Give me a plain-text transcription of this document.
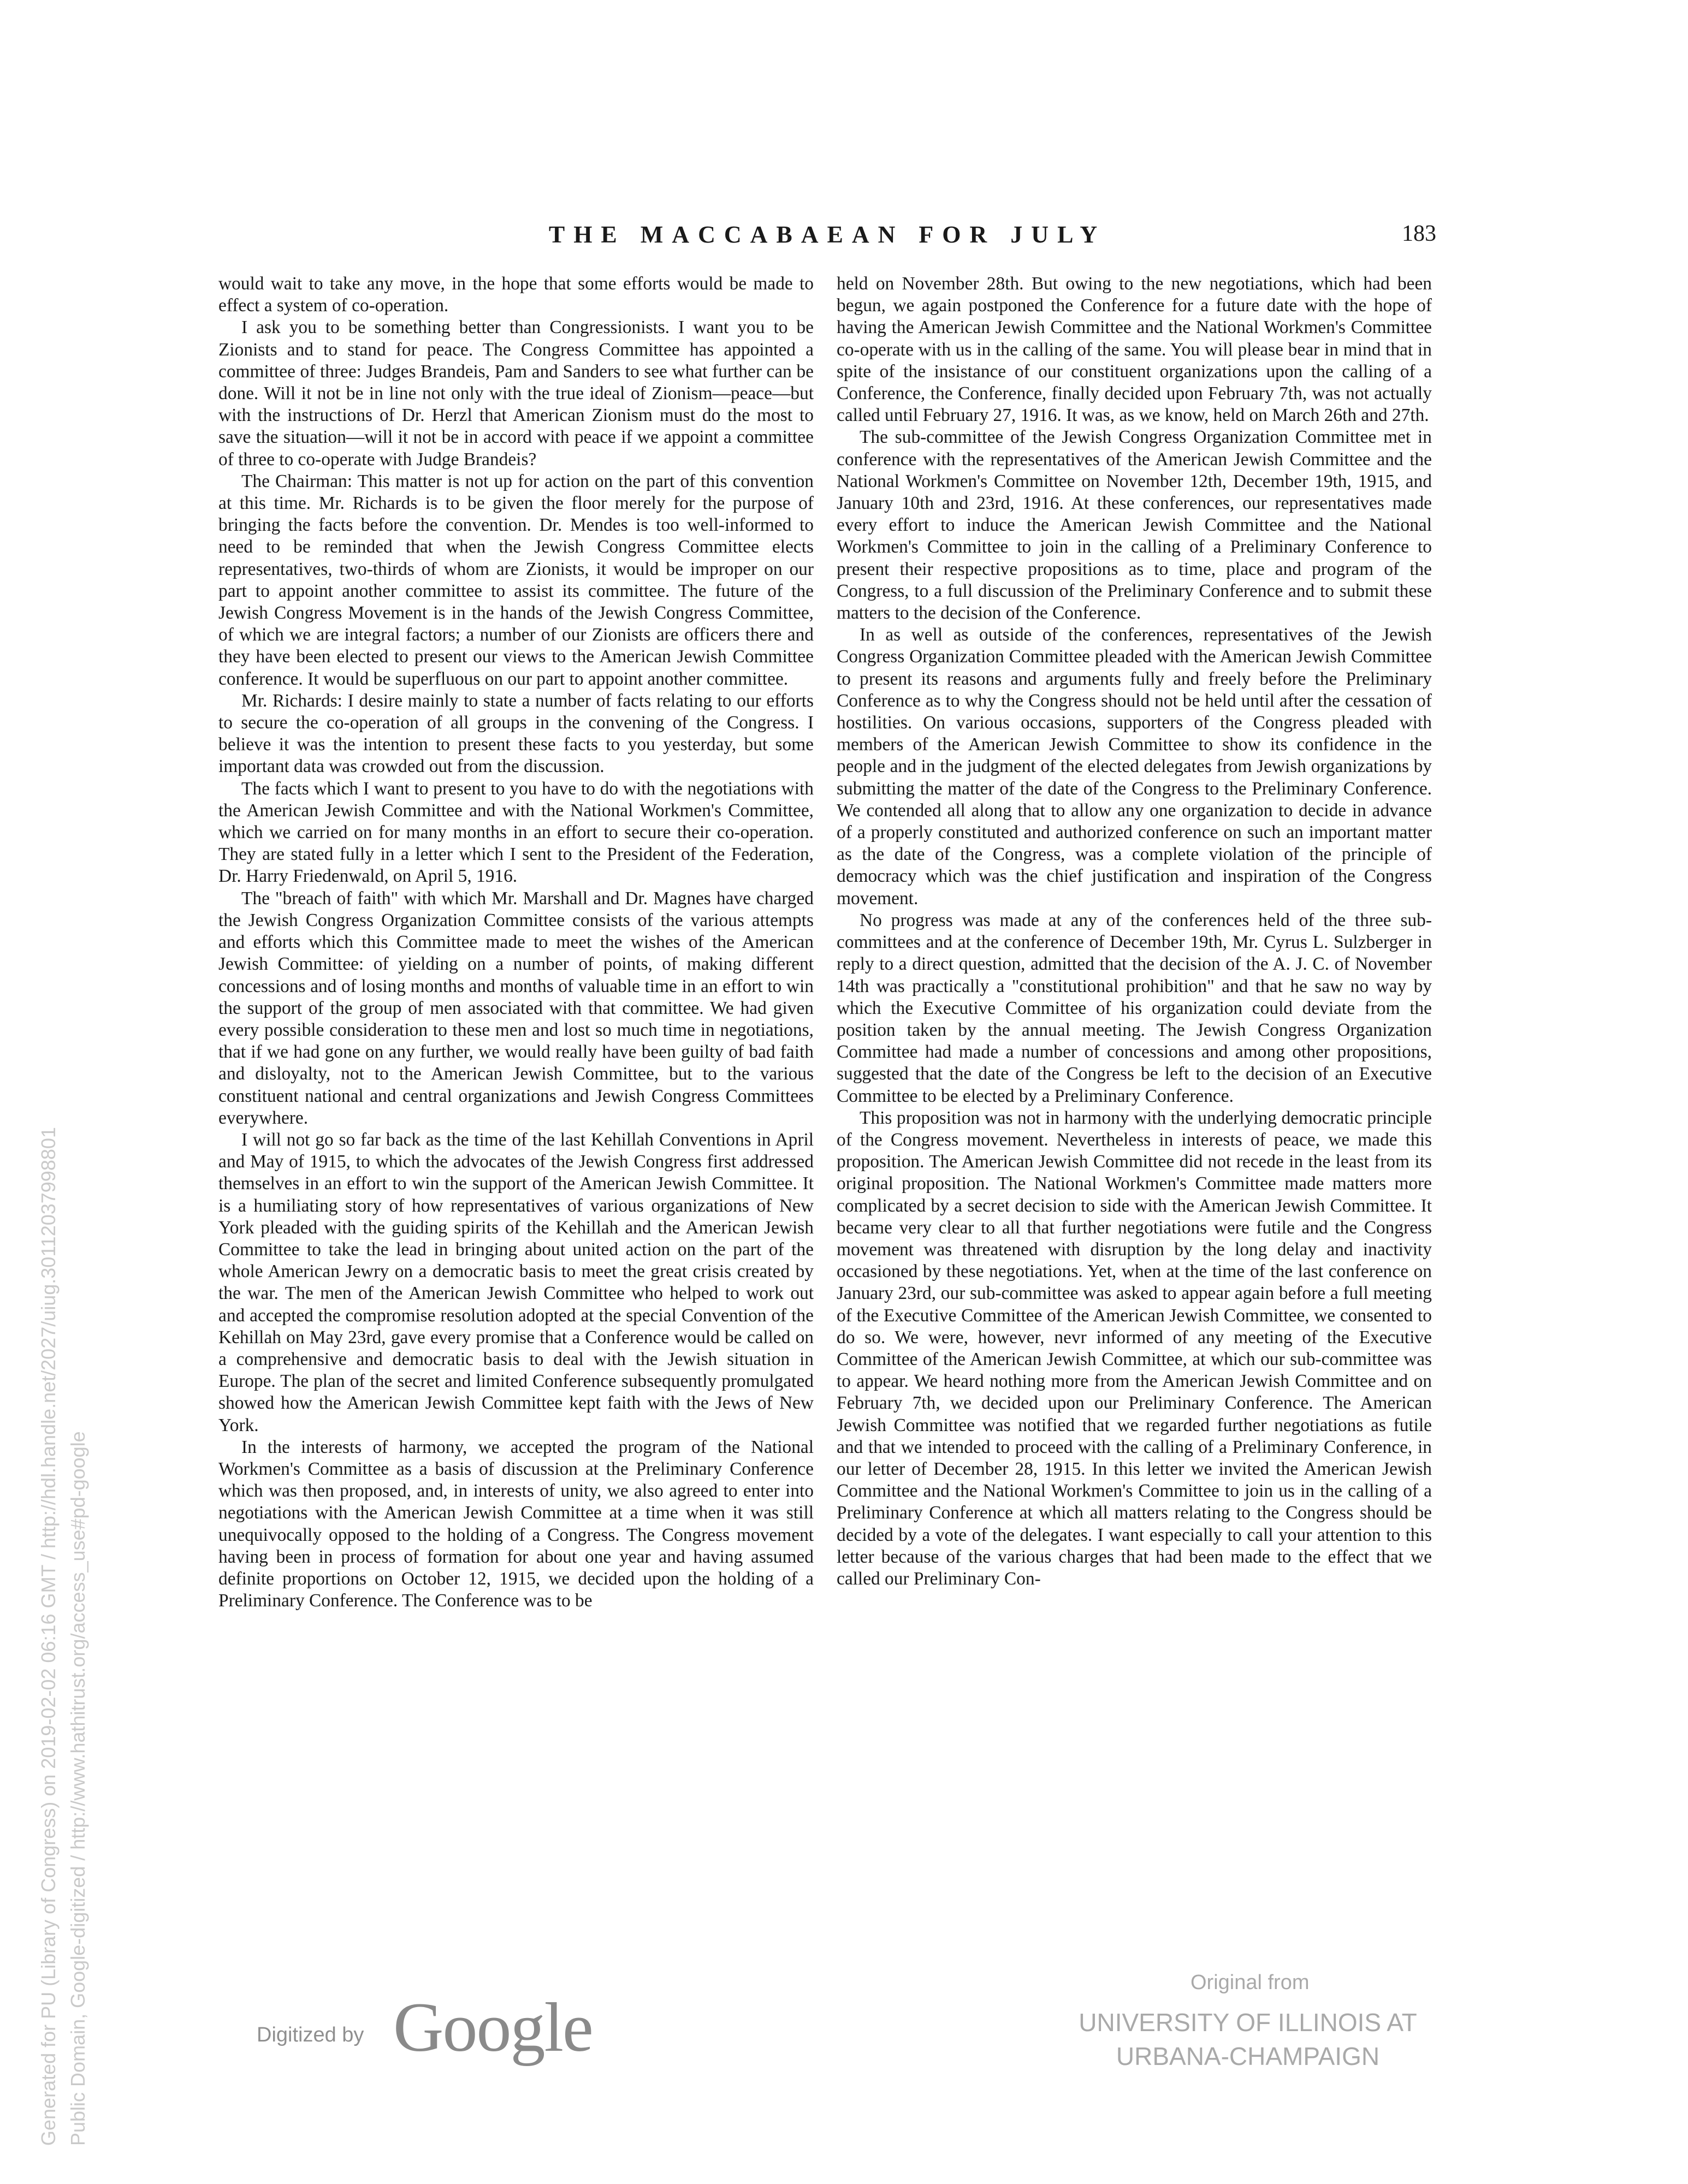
THE MACCABAEAN FOR JULY	183

would wait to take any move, in the hope that some efforts would be made to effect a system of co-operation.

I ask you to be something better than Congressionists. I want you to be Zionists and to stand for peace. The Congress Committee has appointed a committee of three: Judges Brandeis, Pam and Sanders to see what further can be done. Will it not be in line not only with the true ideal of Zionism—peace—but with the instructions of Dr. Herzl that American Zionism must do the most to save the situation—will it not be in accord with peace if we appoint a committee of three to co-operate with Judge Brandeis?

The Chairman: This matter is not up for action on the part of this convention at this time. Mr. Richards is to be given the floor merely for the purpose of bringing the facts before the convention. Dr. Mendes is too well-informed to need to be reminded that when the Jewish Congress Committee elects representatives, two-thirds of whom are Zionists, it would be improper on our part to appoint another committee to assist its committee. The future of the Jewish Congress Movement is in the hands of the Jewish Congress Committee, of which we are integral factors; a number of our Zionists are officers there and they have been elected to present our views to the American Jewish Committee conference. It would be superfluous on our part to appoint another committee.

Mr. Richards: I desire mainly to state a number of facts relating to our efforts to secure the co-operation of all groups in the convening of the Congress. I believe it was the intention to present these facts to you yesterday, but some important data was crowded out from the discussion.

The facts which I want to present to you have to do with the negotiations with the American Jewish Committee and with the National Workmen's Committee, which we carried on for many months in an effort to secure their co-operation. They are stated fully in a letter which I sent to the President of the Federation, Dr. Harry Friedenwald, on April 5, 1916.

The "breach of faith" with which Mr. Marshall and Dr. Magnes have charged the Jewish Congress Organization Committee consists of the various attempts and efforts which this Committee made to meet the wishes of the American Jewish Committee: of yielding on a number of points, of making different concessions and of losing months and months of valuable time in an effort to win the support of the group of men associated with that committee. We had given every possible consideration to these men and lost so much time in negotiations, that if we had gone on any further, we would really have been guilty of bad faith and disloyalty, not to the American Jewish Committee, but to the various constituent national and central organizations and Jewish Congress Committees everywhere.

I will not go so far back as the time of the last Kehillah Conventions in April and May of 1915, to which the advocates of the Jewish Congress first addressed themselves in an effort to win the support of the American Jewish Committee. It is a humiliating story of how representatives of various organizations of New York pleaded with the guiding spirits of the Kehillah and the American Jewish Committee to take the lead in bringing about united action on the part of the whole American Jewry on a democratic basis to meet the great crisis created by the war. The men of the American Jewish Committee who helped to work out and accepted the compromise resolution adopted at the special Convention of the Kehillah on May 23rd, gave every promise that a Conference would be called on a comprehensive and democratic basis to deal with the Jewish situation in Europe. The plan of the secret and limited Conference subsequently promulgated showed how the American Jewish Committee kept faith with the Jews of New York.

In the interests of harmony, we accepted the program of the National Workmen's Committee as a basis of discussion at the Preliminary Conference which was then proposed, and, in interests of unity, we also agreed to enter into negotiations with the American Jewish Committee at a time when it was still unequivocally opposed to the holding of a Congress. The Congress movement having been in process of formation for about one year and having assumed definite proportions on October 12, 1915, we decided upon the holding of a Preliminary Conference. The Conference was to be

held on November 28th. But owing to the new negotiations, which had been begun, we again postponed the Conference for a future date with the hope of having the American Jewish Committee and the National Workmen's Committee co-operate with us in the calling of the same. You will please bear in mind that in spite of the insistance of our constituent organizations upon the calling of a Conference, the Conference, finally decided upon February 7th, was not actually called until February 27, 1916. It was, as we know, held on March 26th and 27th.

The sub-committee of the Jewish Congress Organization Committee met in conference with the representatives of the American Jewish Committee and the National Workmen's Committee on November 12th, December 19th, 1915, and January 10th and 23rd, 1916. At these conferences, our representatives made every effort to induce the American Jewish Committee and the National Workmen's Committee to join in the calling of a Preliminary Conference to present their respective propositions as to time, place and program of the Congress, to a full discussion of the Preliminary Conference and to submit these matters to the decision of the Conference.

In as well as outside of the conferences, representatives of the Jewish Congress Organization Committee pleaded with the American Jewish Committee to present its reasons and arguments fully and freely before the Preliminary Conference as to why the Congress should not be held until after the cessation of hostilities. On various occasions, supporters of the Congress pleaded with members of the American Jewish Committee to show its confidence in the people and in the judgment of the elected delegates from Jewish organizations by submitting the matter of the date of the Congress to the Preliminary Conference. We contended all along that to allow any one organization to decide in advance of a properly constituted and authorized conference on such an important matter as the date of the Congress, was a complete violation of the principle of democracy which was the chief justification and inspiration of the Congress movement.

No progress was made at any of the conferences held of the three sub-committees and at the conference of December 19th, Mr. Cyrus L. Sulzberger in reply to a direct question, admitted that the decision of the A. J. C. of November 14th was practically a "constitutional prohibition" and that he saw no way by which the Executive Committee of his organization could deviate from the position taken by the annual meeting. The Jewish Congress Organization Committee had made a number of concessions and among other propositions, suggested that the date of the Congress be left to the decision of an Executive Committee to be elected by a Preliminary Conference.

This proposition was not in harmony with the underlying democratic principle of the Congress movement. Nevertheless in interests of peace, we made this proposition. The American Jewish Committee did not recede in the least from its original proposition. The National Workmen's Committee made matters more complicated by a secret decision to side with the American Jewish Committee. It became very clear to all that further negotiations were futile and the Congress movement was threatened with disruption by the long delay and inactivity occasioned by these negotiations. Yet, when at the time of the last conference on January 23rd, our sub-committee was asked to appear again before a full meeting of the Executive Committee of the American Jewish Committee, we consented to do so. We were, however, nevr informed of any meeting of the Executive Committee of the American Jewish Committee, at which our sub-committee was to appear. We heard nothing more from the American Jewish Committee and on February 7th, we decided upon our Preliminary Conference. The American Jewish Committee was notified that we regarded further negotiations as futile and that we intended to proceed with the calling of a Preliminary Conference, in our letter of December 28, 1915. In this letter we invited the American Jewish Committee and the National Workmen's Committee to join us in the calling of a Preliminary Conference at which all matters relating to the Congress should be decided by a vote of the delegates. I want especially to call your attention to this letter because of the various charges that had been made to the effect that we called our Preliminary Con-

Generated for PU (Library of Congress) on 2019-02-02 06:16 GMT / http://hdl.handle.net/2027/uiug.30112037998801 Public Domain, Google-digitized / http://www.hathitrust.org/access_use#pd-google	Digitized by Google
Original from
UNIVERSITY OF ILLINOIS AT
URBANA-CHAMPAIGN
